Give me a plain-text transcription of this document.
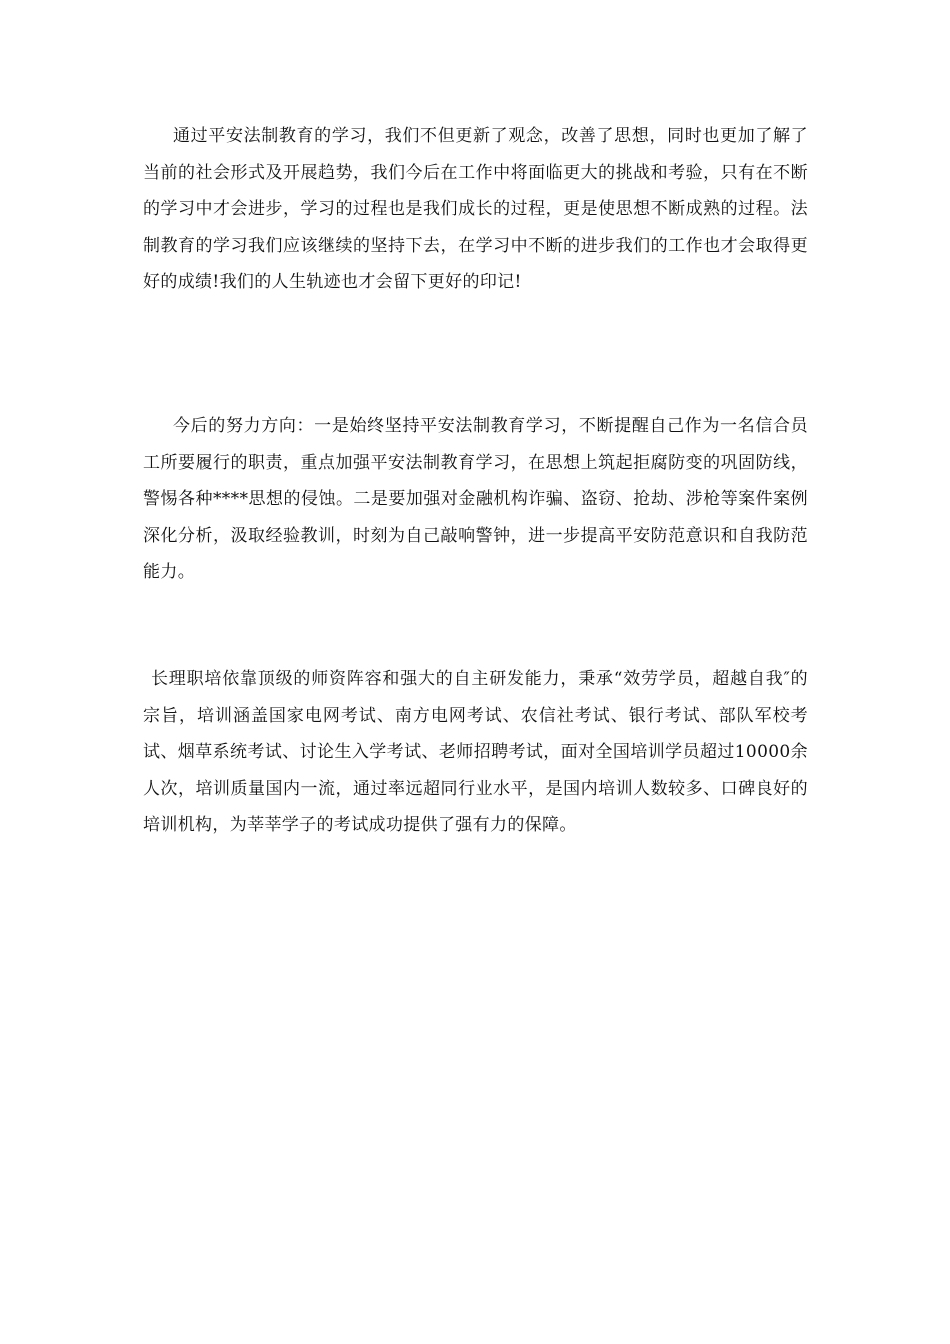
通过平安法制教育的学习，我们不但更新了观念，改善了思想，同时也更加了解了当前的社会形式及开展趋势，我们今后在工作中将面临更大的挑战和考验，只有在不断的学习中才会进步，学习的过程也是我们成长的过程，更是使思想不断成熟的过程。法制教育的学习我们应该继续的坚持下去，在学习中不断的进步我们的工作也才会取得更好的成绩!我们的人生轨迹也才会留下更好的印记!

今后的努力方向：一是始终坚持平安法制教育学习，不断提醒自己作为一名信合员工所要履行的职责，重点加强平安法制教育学习，在思想上筑起拒腐防变的巩固防线，警惕各种****思想的侵蚀。二是要加强对金融机构诈骗、盗窃、抢劫、涉枪等案件案例深化分析，汲取经验教训，时刻为自己敲响警钟，进一步提高平安防范意识和自我防范能力。

长理职培依靠顶级的师资阵容和强大的自主研发能力，秉承“效劳学员，超越自我″的宗旨，培训涵盖国家电网考试、南方电网考试、农信社考试、银行考试、部队军校考试、烟草系统考试、讨论生入学考试、老师招聘考试，面对全国培训学员超过10000余人次，培训质量国内一流，通过率远超同行业水平，是国内培训人数较多、口碑良好的培训机构，为莘莘学子的考试成功提供了强有力的保障。
